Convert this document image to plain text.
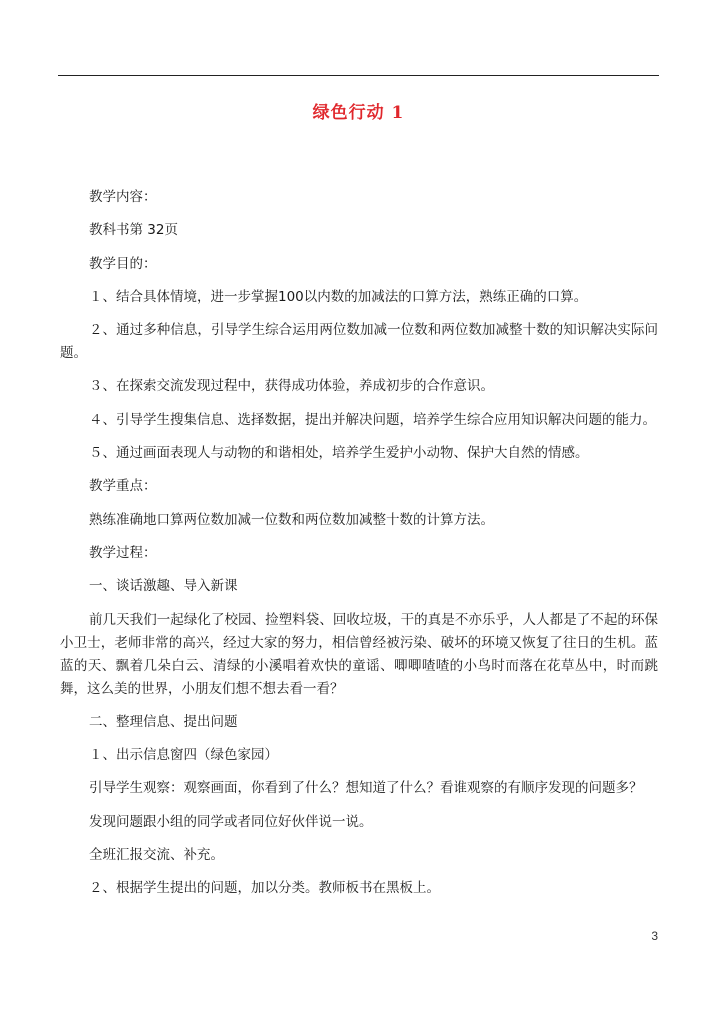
绿色行动 1

教学内容：

教科书第 32页

教学目的：

１、结合具体情境，进一步掌握100以内数的加减法的口算方法，熟练正确的口算。

２、通过多种信息，引导学生综合运用两位数加减一位数和两位数加减整十数的知识解决实际问题。

３、在探索交流发现过程中，获得成功体验，养成初步的合作意识。

４、引导学生搜集信息、选择数据，提出并解决问题，培养学生综合应用知识解决问题的能力。

５、通过画面表现人与动物的和谐相处，培养学生爱护小动物、保护大自然的情感。

教学重点：

熟练准确地口算两位数加减一位数和两位数加减整十数的计算方法。

教学过程：

一、谈话激趣、导入新课

前几天我们一起绿化了校园、捡塑料袋、回收垃圾，干的真是不亦乐乎，人人都是了不起的环保小卫士，老师非常的高兴，经过大家的努力，相信曾经被污染、破坏的环境又恢复了往日的生机。蓝蓝的天、飘着几朵白云、清绿的小溪唱着欢快的童谣、唧唧喳喳的小鸟时而落在花草丛中，时而跳舞，这么美的世界，小朋友们想不想去看一看？

二、整理信息、提出问题

１、出示信息窗四（绿色家园）

引导学生观察：观察画面，你看到了什么？想知道了什么？看谁观察的有顺序发现的问题多？

发现问题跟小组的同学或者同位好伙伴说一说。

全班汇报交流、补充。

２、根据学生提出的问题，加以分类。教师板书在黑板上。

3
